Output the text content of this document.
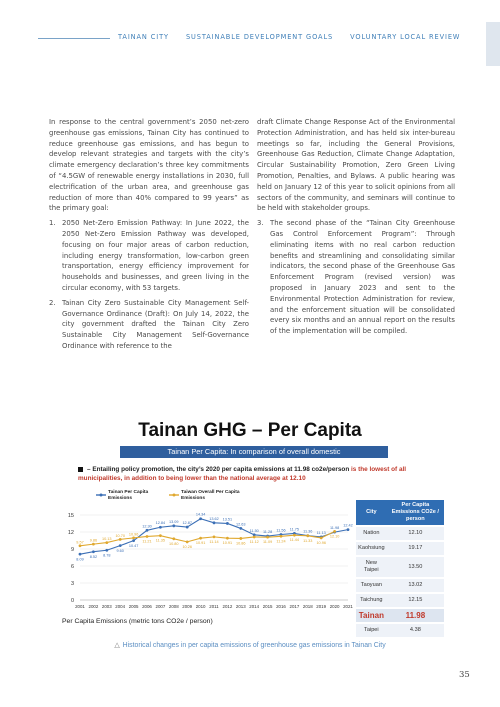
TAINAN CITY	SUSTAINABLE DEVELOPMENT GOALS	VOLUNTARY LOCAL REVIEW

In response to the central government’s 2050 net-zero greenhouse gas emissions, Tainan City has continued to reduce greenhouse gas emissions, and has begun to develop relevant strategies and targets with the city’s climate emergency declaration’s three key commitments of “4.5GW of renewable energy installations in 2030, full electrification of the urban area, and greenhouse gas reduction of more than 40% compared to 99 years” as the primary goal:

1. 2050 Net-Zero Emission Pathway: In June 2022, the 2050 Net-Zero Emission Pathway was developed, focusing on four major areas of carbon reduction, including energy transformation, low-carbon green transportation, energy efficiency improvement for households and businesses, and green living in the circular economy, with 53 targets.
2. Tainan City Zero Sustainable City Management Self-Governance Ordinance (Draft): On July 14, 2022, the city government drafted the Tainan City Zero Sustainable City Management Self-Governance Ordinance with reference to the

draft Climate Change Response Act of the Environmental Protection Administration, and has held six inter-bureau meetings so far, including the General Provisions, Greenhouse Gas Reduction, Climate Change Adaptation, Circular Sustainability Promotion, Zero Green Living Promotion, Penalties, and Bylaws. A public hearing was held on January 12 of this year to solicit opinions from all sectors of the community, and seminars will continue to be held with stakeholder groups.

3. The second phase of the “Tainan City Greenhouse Gas Control Enforcement Program”: Through eliminating items with no real carbon reduction benefits and streamlining and consolidating similar indicators, the second phase of the Greenhouse Gas Enforcement Program (revised version) was proposed in January 2023 and sent to the Environmental Protection Administration for review, and the enforcement situation will be consolidated every six months and an annual report on the results of the implementation will be compiled.
Tainan GHG – Per Capita
Tainan Per Capita: In comparison of overall domestic
– Entailing policy promotion, the city’s 2020 per capita emissions at 11.98 co2e/person is the lowest of all municipalities, in addition to being lower than the national average at 12.10
0
3
6
9
12
15
2001 2002 2003 2004 2005 2006 2007 2008 2009 2010 2011 2012 2013 2014 2015 2016 2017 2018 2019 2020 2021
8.09
8.52 8.78
9.60
10.47
12.30
12.84 13.09 12.87
14.34
13.62 13.51
12.63
11.50 11.28 11.56 11.75
11.36 11.13
11.98
12.42
9.57 9.86 10.13
10.70 10.96
11.21 11.35
10.80
10.26
10.91 11.14 10.91 10.86 11.12 11.09 11.24 11.44 11.33
10.96
12.10
Tainan Per Capita
Emissions
Taiwan Overall Per Capita
Emissions
Per Capita Emissions (metric tons CO2e / person)
City	Per Capita Emissions CO2e / person
Nation	12.10
Kaohsiung	19.17
New Taipei	13.50
Taoyuan	13.02
Taichung	12.15
Tainan	11.98
Taipei	4.38
△ Historical changes in per capita emissions of greenhouse gas emissions in Tainan City
35
